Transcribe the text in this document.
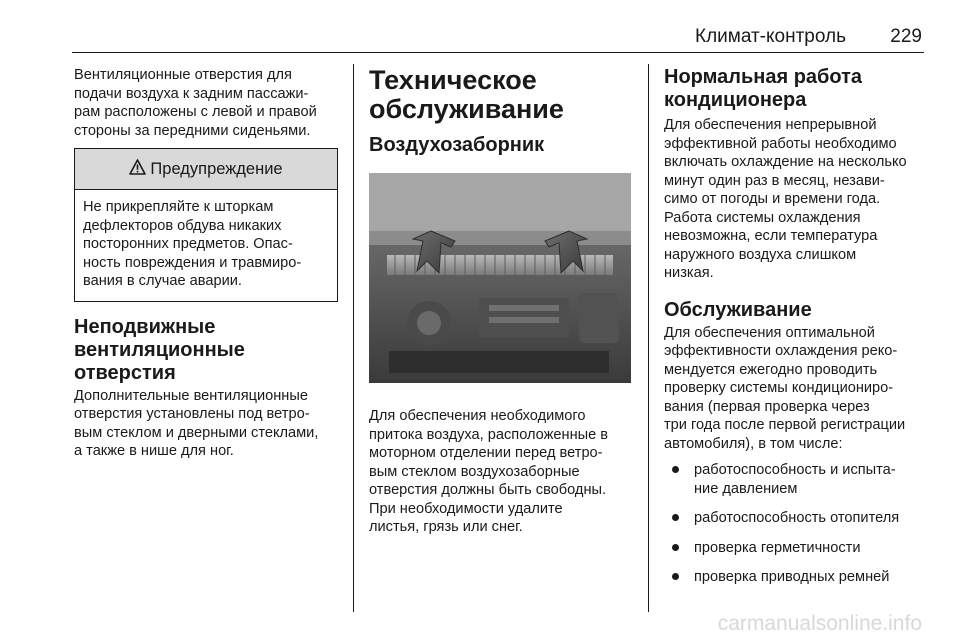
Климат-контроль 229

Вентиляционные отверстия для
подачи воздуха к задним пассажи-
рам расположены с левой и правой
стороны за передними сиденьями.

Предупреждение

Не прикрепляйте к шторкам
дефлекторов обдува никаких
посторонних предметов. Опас-
ность повреждения и травмиро-
вания в случае аварии.

Неподвижные
вентиляционные
отверстия

Дополнительные вентиляционные
отверстия установлены под ветро-
вым стеклом и дверными стеклами,
а также в нише для ног.

Техническое
обслуживание
Воздухозаборник

Для обеспечения необходимого
притока воздуха, расположенные в
моторном отделении перед ветро-
вым стеклом воздухозаборные
отверстия должны быть свободны.
При необходимости удалите
листья, грязь или снег.

Нормальная работа
кондиционера

Для обеспечения непрерывной
эффективной работы необходимо
включать охлаждение на несколько
минут один раз в месяц, незави-
симо от погоды и времени года.
Работа системы охлаждения
невозможна, если температура
наружного воздуха слишком
низкая.

Обслуживание

Для обеспечения оптимальной
эффективности охлаждения реко-
мендуется ежегодно проводить
проверку системы кондициониро-
вания (первая проверка через
три года после первой регистрации
автомобиля), в том числе:

работоспособность и испыта-
ние давлением
работоспособность отопителя
проверка герметичности
проверка приводных ремней
carmanualsonline.info
